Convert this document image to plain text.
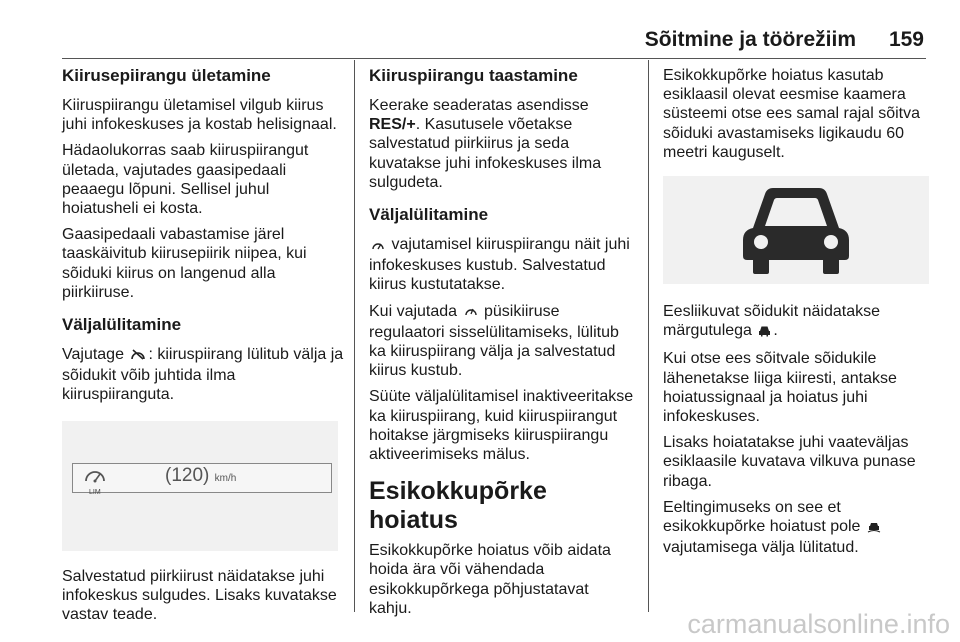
Sõitmine ja töörežiim 159
Kiirusepiirangu ületamine

Kiiruspiirangu ületamisel vilgub kiirus juhi infokeskuses ja kostab helisignaal.

Hädaolukorras saab kiiruspiirangut ületada, vajutades gaasipedaali peaaegu lõpuni. Sellisel juhul hoiatusheli ei kosta.

Gaasipedaali vabastamise järel taaskäivitub kiirusepiirik niipea, kui sõiduki kiirus on langenud alla piirkiiruse.

Väljalülitamine

Vajutage : kiiruspiirang lülitub välja ja sõidukit võib juhtida ilma kiiruspiiranguta.

LIM
(120) km/h

Salvestatud piirkiirust näidatakse juhi infokeskus sulgudes. Lisaks kuvatakse vastav teade.

Kiiruspiirangu taastamine

Keerake seaderatas asendisse RES/+. Kasutusele võetakse salvestatud piirkiirus ja seda kuvatakse juhi infokeskuses ilma sulgudeta.

Väljalülitamine

vajutamisel kiiruspiirangu näit juhi infokeskuses kustub. Salvestatud kiirus kustutatakse.

Kui vajutada püsikiiruse regulaatori sisselülitamiseks, lülitub ka kiiruspiirang välja ja salvestatud kiirus kustub.

Süüte väljalülitamisel inaktiveeritakse ka kiiruspiirang, kuid kiiruspiirangut hoitakse järgmiseks kiiruspiirangu aktiveerimiseks mälus.

Esikokkupõrke hoiatus

Esikokkupõrke hoiatus võib aidata hoida ära või vähendada esikokkupõrkega põhjustatavat kahju.

Esikokkupõrke hoiatus kasutab esiklaasil olevat eesmise kaamera süsteemi otse ees samal rajal sõitva sõiduki avastamiseks ligikaudu 60 meetri kauguselt.

Eesliikuvat sõidukit näidatakse märgutulega .

Kui otse ees sõitvale sõidukile lähenetakse liiga kiiresti, antakse hoiatussignaal ja hoiatus juhi infokeskuses.

Lisaks hoiatatakse juhi vaateväljas esiklaasile kuvatava vilkuva punase ribaga.

Eeltingimuseks on see et esikokkupõrke hoiatust pole  vajutamisega välja lülitatud.

carmanualsonline.info
